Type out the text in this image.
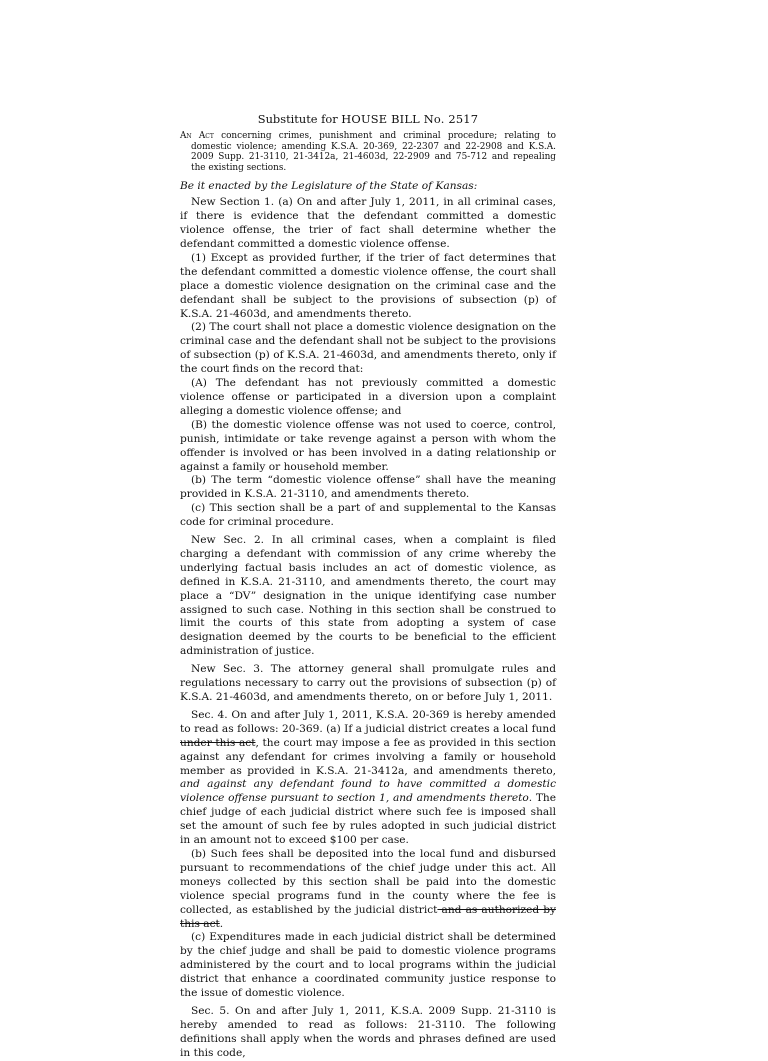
Substitute for HOUSE BILL No. 2517

An Act concerning crimes, punishment and criminal procedure; relating to domestic violence; amending K.S.A. 20-369, 22-2307 and 22-2908 and K.S.A. 2009 Supp. 21-3110, 21-3412a, 21-4603d, 22-2909 and 75-712 and repealing the existing sections.

Be it enacted by the Legislature of the State of Kansas:

New Section 1. (a) On and after July 1, 2011, in all criminal cases, if there is evidence that the defendant committed a domestic violence offense, the trier of fact shall determine whether the defendant committed a domestic violence offense.

(1) Except as provided further, if the trier of fact determines that the defendant committed a domestic violence offense, the court shall place a domestic violence designation on the criminal case and the defendant shall be subject to the provisions of subsection (p) of K.S.A. 21-4603d, and amendments thereto.

(2) The court shall not place a domestic violence designation on the criminal case and the defendant shall not be subject to the provisions of subsection (p) of K.S.A. 21-4603d, and amendments thereto, only if the court finds on the record that:

(A) The defendant has not previously committed a domestic violence offense or participated in a diversion upon a complaint alleging a domestic violence offense; and

(B) the domestic violence offense was not used to coerce, control, punish, intimidate or take revenge against a person with whom the offender is involved or has been involved in a dating relationship or against a family or household member.

(b) The term “domestic violence offense” shall have the meaning provided in K.S.A. 21-3110, and amendments thereto.

(c) This section shall be a part of and supplemental to the Kansas code for criminal procedure.

New Sec. 2. In all criminal cases, when a complaint is filed charging a defendant with commission of any crime whereby the underlying factual basis includes an act of domestic violence, as defined in K.S.A. 21-3110, and amendments thereto, the court may place a “DV” designation in the unique identifying case number assigned to such case. Nothing in this section shall be construed to limit the courts of this state from adopting a system of case designation deemed by the courts to be beneficial to the efficient administration of justice.

New Sec. 3. The attorney general shall promulgate rules and regulations necessary to carry out the provisions of subsection (p) of K.S.A. 21-4603d, and amendments thereto, on or before July 1, 2011.

Sec. 4. On and after July 1, 2011, K.S.A. 20-369 is hereby amended to read as follows: 20-369. (a) If a judicial district creates a local fund under this act, the court may impose a fee as provided in this section against any defendant for crimes involving a family or household member as provided in K.S.A. 21-3412a, and amendments thereto, and against any defendant found to have committed a domestic violence offense pursuant to section 1, and amendments thereto. The chief judge of each judicial district where such fee is imposed shall set the amount of such fee by rules adopted in such judicial district in an amount not to exceed $100 per case.

(b) Such fees shall be deposited into the local fund and disbursed pursuant to recommendations of the chief judge under this act. All moneys collected by this section shall be paid into the domestic violence special programs fund in the county where the fee is collected, as established by the judicial district and as authorized by this act.

(c) Expenditures made in each judicial district shall be determined by the chief judge and shall be paid to domestic violence programs administered by the court and to local programs within the judicial district that enhance a coordinated community justice response to the issue of domestic violence.

Sec. 5. On and after July 1, 2011, K.S.A. 2009 Supp. 21-3110 is hereby amended to read as follows: 21-3110. The following definitions shall apply when the words and phrases defined are used in this code,
